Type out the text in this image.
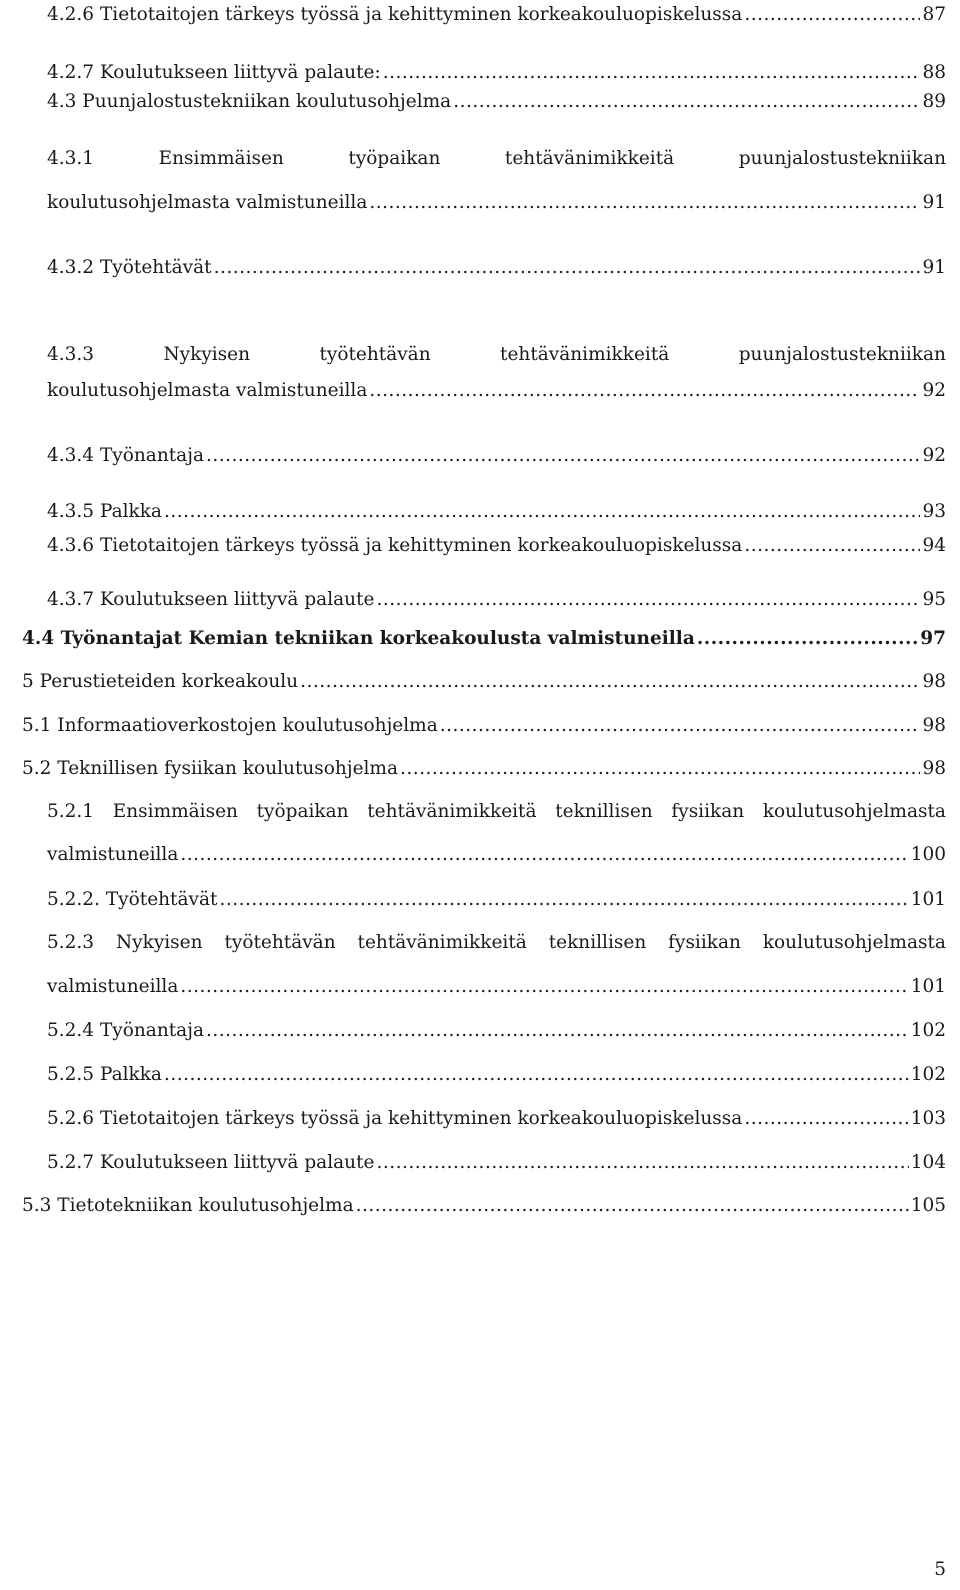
4.2.6 Tietotaitojen tärkeys työssä ja kehittyminen korkeakouluopiskelussa .....	87
4.2.7 Koulutukseen liittyvä palaute: .....	88
4.3 Puunjalostustekniikan koulutusohjelma .....	89
4.3.1	Ensimmäisen	työpaikan	tehtävänimikkeitä	puunjalostustekniikan
koulutusohjelmasta valmistuneilla .....	91
4.3.2 Työtehtävät .....	91
4.3.3	Nykyisen	työtehtävän	tehtävänimikkeitä	puunjalostustekniikan
koulutusohjelmasta valmistuneilla .....	92
4.3.4 Työnantaja .....	92
4.3.5 Palkka .....	93
4.3.6 Tietotaitojen tärkeys työssä ja kehittyminen korkeakouluopiskelussa .....	94
4.3.7 Koulutukseen liittyvä palaute .....	95
4.4 Työnantajat Kemian tekniikan korkeakoulusta valmistuneilla .....	97
5 Perustieteiden korkeakoulu .....	98
5.1 Informaatioverkostojen koulutusohjelma .....	98
5.2 Teknillisen fysiikan koulutusohjelma .....	98
5.2.1 Ensimmäisen työpaikan tehtävänimikkeitä teknillisen fysiikan koulutusohjelmasta
valmistuneilla .....	100
5.2.2. Työtehtävät .....	101
5.2.3 Nykyisen työtehtävän tehtävänimikkeitä teknillisen fysiikan koulutusohjelmasta
valmistuneilla .....	101
5.2.4 Työnantaja .....	102
5.2.5 Palkka .....	102
5.2.6 Tietotaitojen tärkeys työssä ja kehittyminen korkeakouluopiskelussa .....	103
5.2.7 Koulutukseen liittyvä palaute .....	104
5.3 Tietotekniikan koulutusohjelma .....	105
5
